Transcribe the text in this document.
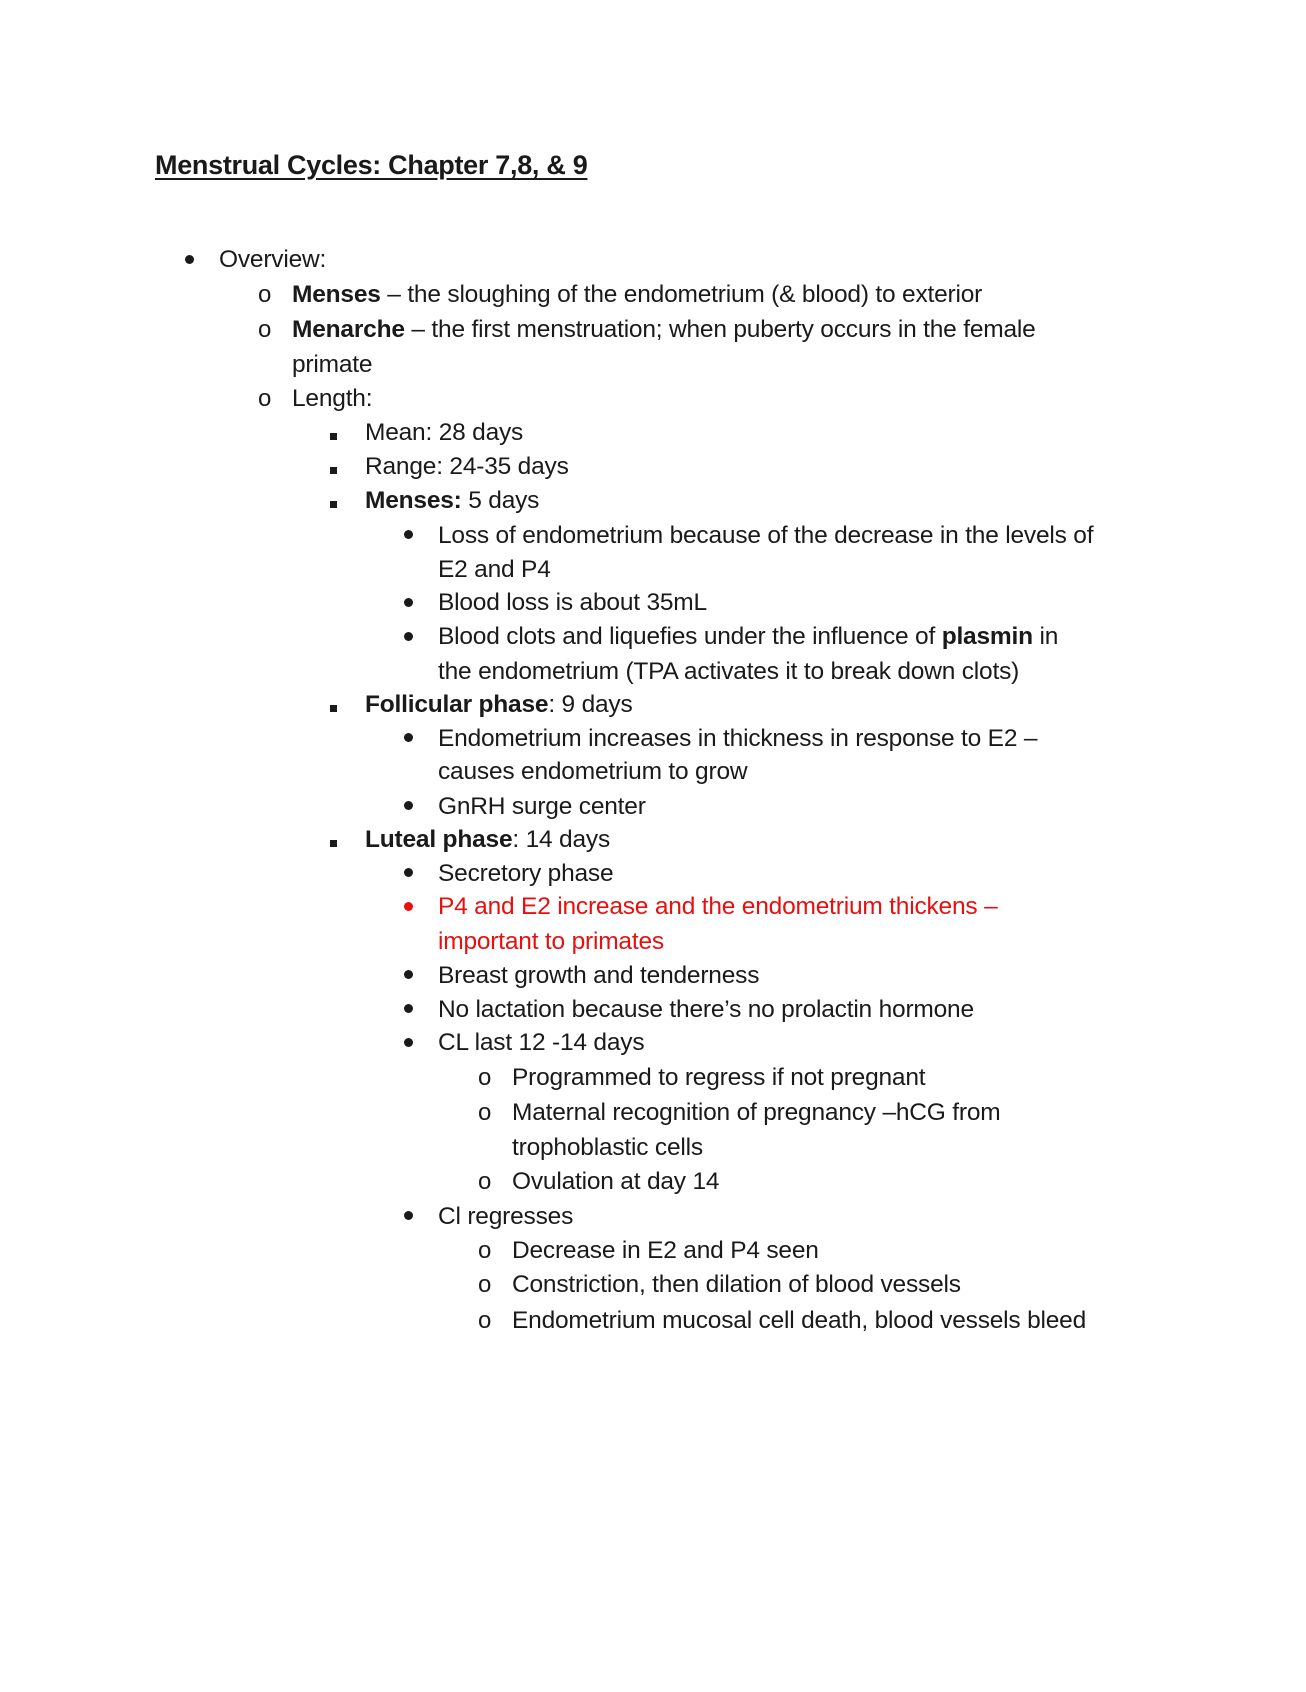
Menstrual Cycles: Chapter 7,8, & 9
Overview:
o Menses – the sloughing of the endometrium (& blood) to exterior
o Menarche – the first menstruation; when puberty occurs in the female
primate
o Length:
Mean: 28 days
Range: 24-35 days
Menses: 5 days
Loss of endometrium because of the decrease in the levels of
E2 and P4
Blood loss is about 35mL
Blood clots and liquefies under the influence of plasmin in
the endometrium (TPA activates it to break down clots)
Follicular phase: 9 days
Endometrium increases in thickness in response to E2 –
causes endometrium to grow
GnRH surge center
Luteal phase: 14 days
Secretory phase
P4 and E2 increase and the endometrium thickens –
important to primates
Breast growth and tenderness
No lactation because there’s no prolactin hormone
CL last 12 -14 days
o Programmed to regress if not pregnant
o Maternal recognition of pregnancy –hCG from
trophoblastic cells
o Ovulation at day 14
Cl regresses
o Decrease in E2 and P4 seen
o Constriction, then dilation of blood vessels
o Endometrium mucosal cell death, blood vessels bleed
